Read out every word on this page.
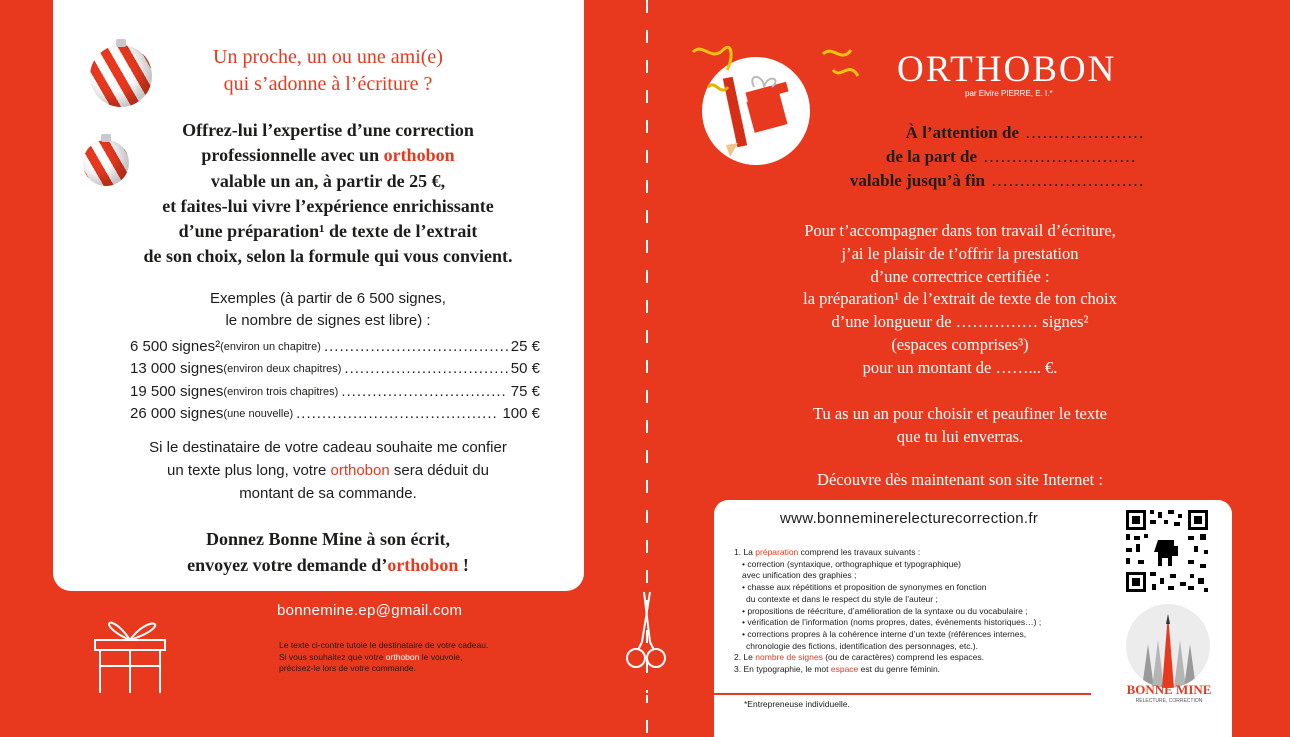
Un proche, un ou une ami(e)
qui s’adonne à l’écriture ?
Offrez-lui l’expertise d’une correction
professionnelle avec un orthobon
valable un an, à partir de 25 €,
et faites-lui vivre l’expérience enrichissante
d’une préparation¹ de texte de l’extrait
de son choix, selon la formule qui vous convient.
Exemples (à partir de 6 500 signes,
le nombre de signes est libre) :
6 500 signes² (environ un chapitre) .....	25 €
13 000 signes (environ deux chapitres) .....	50 €
19 500 signes (environ trois chapitres) .....	75 €
26 000 signes (une nouvelle) .....	100 €
Si le destinataire de votre cadeau souhaite me confier
un texte plus long, votre orthobon sera déduit du
montant de sa commande.
Donnez Bonne Mine à son écrit,
envoyez votre demande d’orthobon !
bonnemine.ep@gmail.com
Le texte ci-contre tutoie le destinataire de votre cadeau.
Si vous souhaitez que votre orthobon le vouvoie,
précisez-le lors de votre commande.
ORTHOBON
par Elvire PIERRE, E. I.*
À l’attention de …………………
de la part de ………………………
valable jusqu’à fin ………………………
Pour t’accompagner dans ton travail d’écriture,
j’ai le plaisir de t’offrir la prestation
d’une correctrice certifiée :
la préparation¹ de l’extrait de texte de ton choix
d’une longueur de …………… signes²
(espaces comprises³)
pour un montant de ……... €.
Tu as un an pour choisir et peaufiner le texte
que tu lui enverras.
Découvre dès maintenant son site Internet :
www.bonneminerelecturecorrection.fr
1. La préparation comprend les travaux suivants :
• correction (syntaxique, orthographique et typographique)
avec unification des graphies ;
• chasse aux répétitions et proposition de synonymes en fonction
du contexte et dans le respect du style de l’auteur ;
• propositions de réécriture, d’amélioration de la syntaxe ou du vocabulaire ;
• vérification de l’information (noms propres, dates, événements historiques…) ;
• corrections propres à la cohérence interne d’un texte (références internes,
chronologie des fictions, identification des personnages, etc.).
2. Le nombre de signes (ou de caractères) comprend les espaces.
3. En typographie, le mot espace est du genre féminin.
*Entrepreneuse individuelle.
BONNE MINE
RELECTURE, CORRECTION
